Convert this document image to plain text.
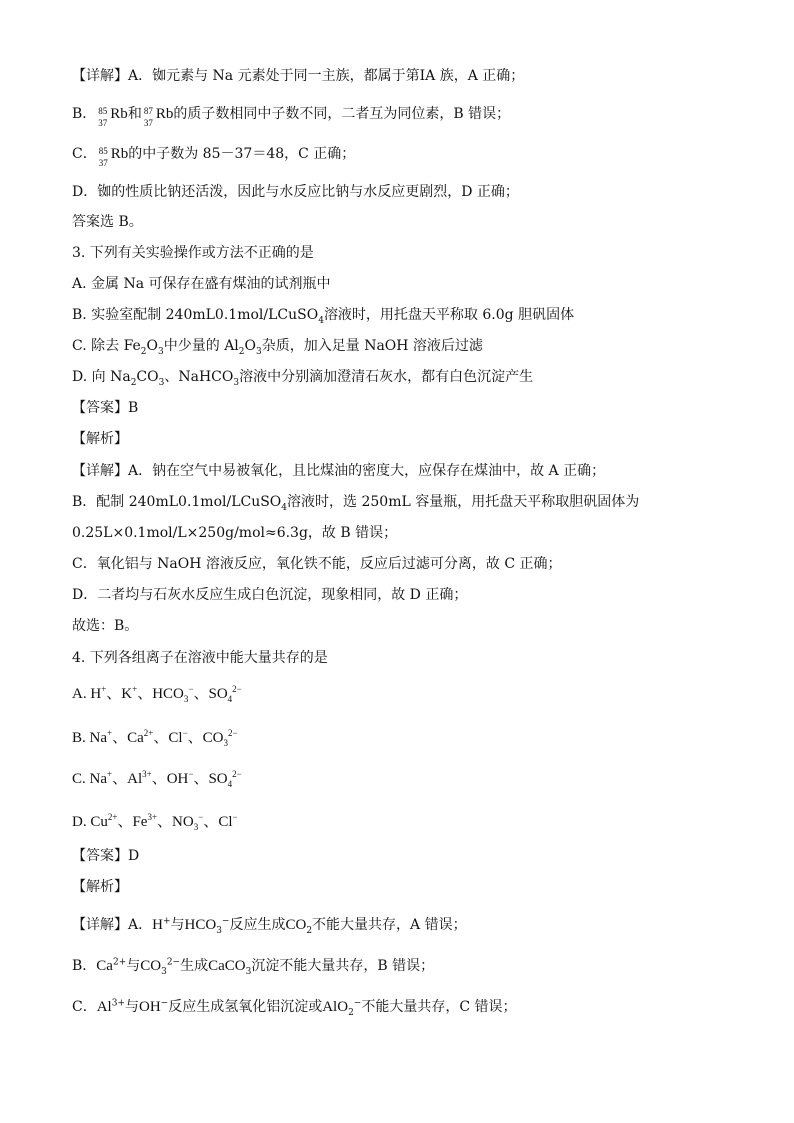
【详解】A．铷元素与 Na 元素处于同一主族，都属于第ⅠA 族，A 正确；
B． 85
37
Rb和 87
37
Rb的质子数相同中子数不同，二者互为同位素，B 错误；
C． 85
37
Rb的中子数为 85－37＝48，C 正确；
D．铷的性质比钠还活泼，因此与水反应比钠与水反应更剧烈，D 正确；
答案选 B。
3. 下列有关实验操作或方法不正确的是
A. 金属 Na 可保存在盛有煤油的试剂瓶中
B. 实验室配制 240mL0.1mol/LCuSO$_4$溶液时，用托盘天平称取 6.0g 胆矾固体
C. 除去 $Fe_2O_3$中少量的 $Al_2O_3$杂质，加入足量 NaOH 溶液后过滤
D. 向 $Na_2CO_3$、NaHCO$_3$溶液中分别滴加澄清石灰水，都有白色沉淀产生
【答案】B
【解析】
【详解】A．钠在空气中易被氧化，且比煤油的密度大，应保存在煤油中，故 A 正确；
B．配制 240mL0.1mol/LCuSO$_4$溶液时，选 250mL 容量瓶，用托盘天平称取胆矾固体为
0.25L×0.1mol/L×250g/mol≈6.3g，故 B 错误；
C．氧化铝与 NaOH 溶液反应，氧化铁不能，反应后过滤可分离，故 C 正确；
D．二者均与石灰水反应生成白色沉淀，现象相同，故 D 正确；
故选：B。
4. 下列各组离子在溶液中能大量共存的是
A. H+、K+、$HCO_3^-$、$SO_4^{2-}$
B. Na+、$Ca^{2+}$、Cl−、$CO_3^{2-}$
C. Na+、$Al^{3+}$、OH−、$SO_4^{2-}$
D. $Cu^{2+}$、$Fe^{3+}$、$NO_3^-$、Cl−
【答案】D
【解析】
【详解】A．H+与$HCO_3^-$反应生成$CO_2$不能大量共存，A 错误；
B．$Ca^{2+}$与$CO_3^{2-}$生成CaCO$_3$沉淀不能大量共存，B 错误；
C．$Al^{3+}$与OH−反应生成氢氧化铝沉淀或AlO$_2$−不能大量共存，C 错误；
